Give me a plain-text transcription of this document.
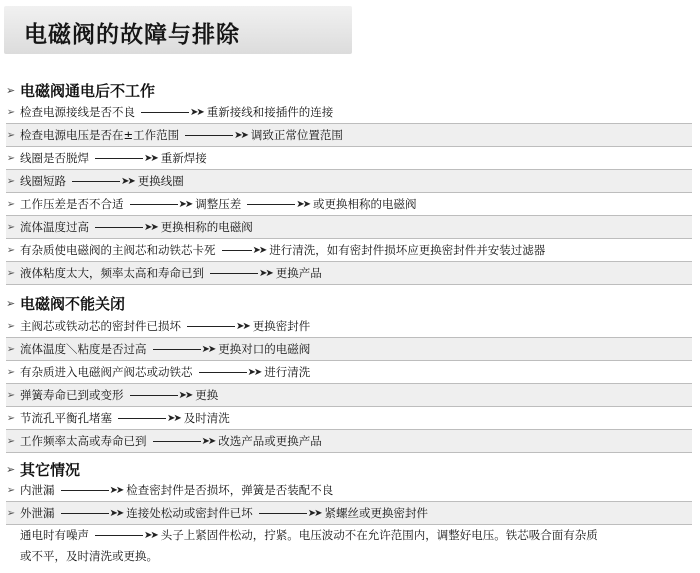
电磁阀的故障与排除
➢ 电磁阀通电后不工作
➢ 检查电源接线是否不良	➤➤ 重新接线和接插件的连接
➢ 检查电源电压是否在±工作范围	➤➤ 调致正常位置范围
➢ 线圈是否脱焊	➤➤ 重新焊接
➢ 线圈短路	➤➤ 更换线圈
➢ 工作压差是否不合适	➤➤ 调整压差	➤➤ 或更换相称的电磁阀
➢ 流体温度过高	➤➤ 更换相称的电磁阀
➢ 有杂质使电磁阀的主阀芯和动铁芯卡死	➤➤ 进行清洗，如有密封件损坏应更换密封件并安装过滤器
➢ 液体粘度太大，频率太高和寿命已到	➤➤ 更换产品
➢ 电磁阀不能关闭
➢ 主阀芯或铁动芯的密封件已损坏	➤➤ 更换密封件
➢ 流体温度＼粘度是否过高	➤➤ 更换对口的电磁阀
➢ 有杂质进入电磁阀产阀芯或动铁芯	➤➤ 进行清洗
➢ 弹簧寿命已到或变形	➤➤ 更换
➢ 节流孔平衡孔堵塞	➤➤ 及时清洗
➢ 工作频率太高或寿命已到	➤➤ 改选产品或更换产品
➢ 其它情况
➢ 内泄漏	➤➤ 检查密封件是否损坏，弹簧是否装配不良
➢ 外泄漏	➤➤ 连接处松动或密封件已坏	➤➤ 紧螺丝或更换密封件
通电时有噪声	➤➤ 头子上紧固件松动，拧紧。电压波动不在允许范围内，调整好电压。铁芯吸合面有杂质
或不平，及时清洗或更换。
